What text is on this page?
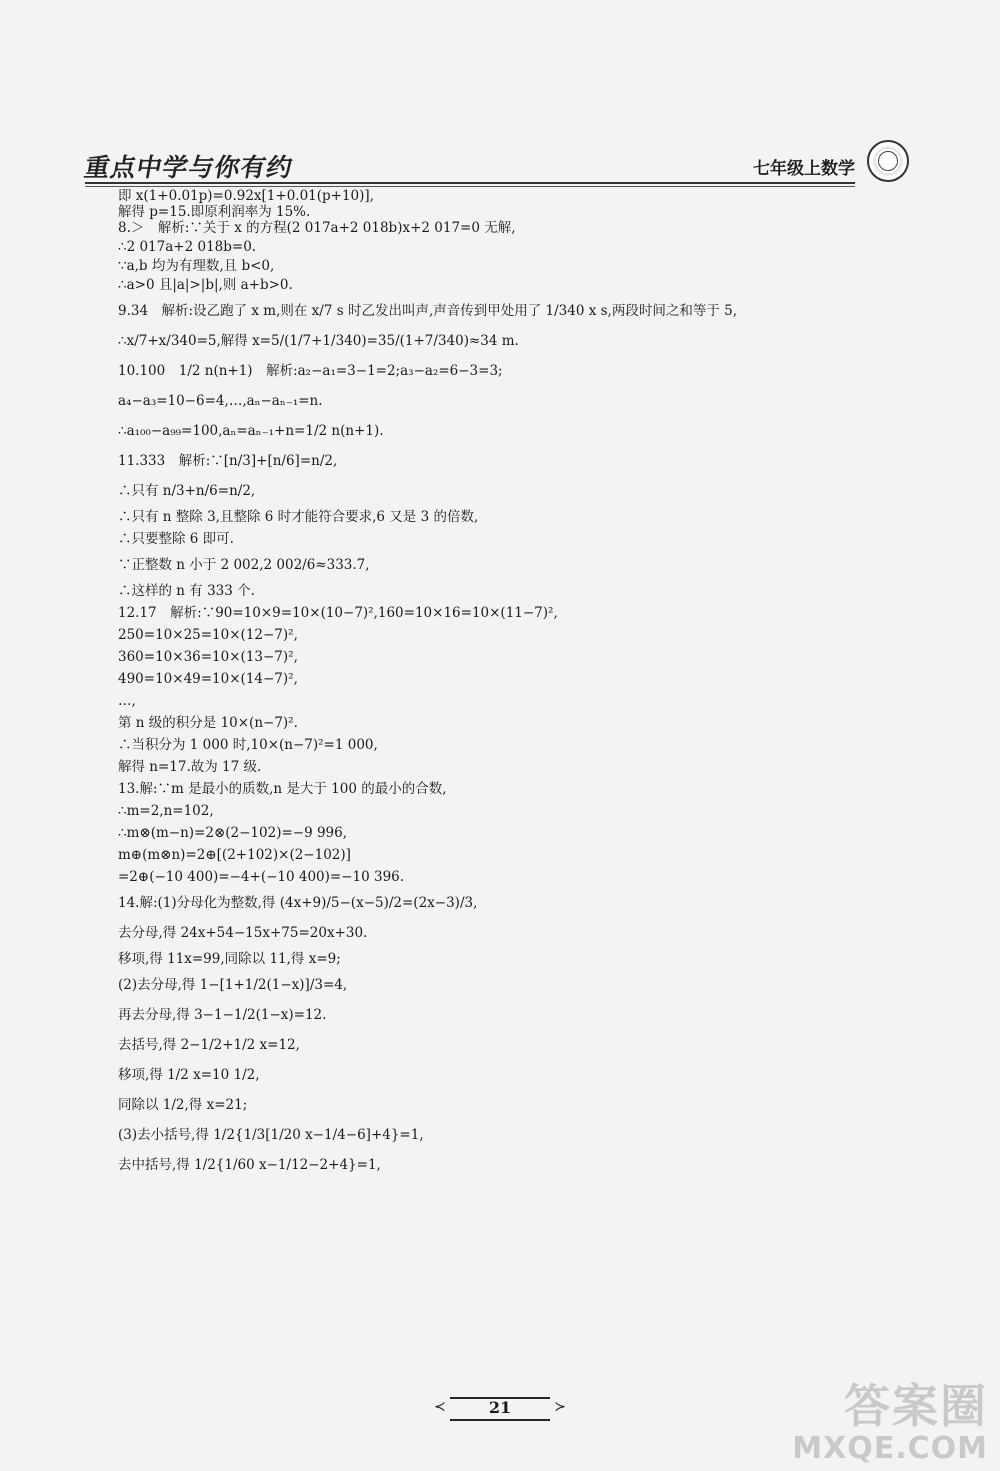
重点中学与你有约	七年级上数学
即 x(1+0.01p)=0.92x[1+0.01(p+10)],
解得 p=15.即原利润率为 15%.
8.＞　解析:∵关于 x 的方程(2 017a+2 018b)x+2 017=0 无解,
∴2 017a+2 018b=0.
∵a,b 均为有理数,且 b<0,
∴a>0 且|a|>|b|,则 a+b>0.
9.34　解析:设乙跑了 x m,则在 x/7 s 时乙发出叫声,声音传到甲处用了 1/340 x s,两段时间之和等于 5,
∴x/7+x/340=5,解得 x=5/(1/7+1/340)=35/(1+7/340)≈34 m.
10.100　1/2 n(n+1)　解析:a₂−a₁=3−1=2;a₃−a₂=6−3=3;
a₄−a₃=10−6=4,…,aₙ−aₙ₋₁=n.
∴a₁₀₀−a₉₉=100,aₙ=aₙ₋₁+n=1/2 n(n+1).
11.333　解析:∵[n/3]+[n/6]=n/2,
∴只有 n/3+n/6=n/2,
∴只有 n 整除 3,且整除 6 时才能符合要求,6 又是 3 的倍数,
∴只要整除 6 即可.
∵正整数 n 小于 2 002,2 002/6≈333.7,
∴这样的 n 有 333 个.
12.17　解析:∵90=10×9=10×(10−7)²,160=10×16=10×(11−7)²,
250=10×25=10×(12−7)²,
360=10×36=10×(13−7)²,
490=10×49=10×(14−7)²,
…,
第 n 级的积分是 10×(n−7)².
∴当积分为 1 000 时,10×(n−7)²=1 000,
解得 n=17.故为 17 级.
13.解:∵m 是最小的质数,n 是大于 100 的最小的合数,
∴m=2,n=102,
∴m⊗(m−n)=2⊗(2−102)=−9 996,
m⊕(m⊗n)=2⊕[(2+102)×(2−102)]
=2⊕(−10 400)=−4+(−10 400)=−10 396.
14.解:(1)分母化为整数,得 (4x+9)/5−(x−5)/2=(2x−3)/3,
去分母,得 24x+54−15x+75=20x+30.
移项,得 11x=99,同除以 11,得 x=9;
(2)去分母,得 1−[1+1/2(1−x)]/3=4,
再去分母,得 3−1−1/2(1−x)=12.
去括号,得 2−1/2+1/2 x=12,
移项,得 1/2 x=10 1/2,
同除以 1/2,得 x=21;
(3)去小括号,得 1/2{1/3[1/20 x−1/4−6]+4}=1,
去中括号,得 1/2{1/60 x−1/12−2+4}=1,
≺	21	≻	答案圈
MXQE.COM
